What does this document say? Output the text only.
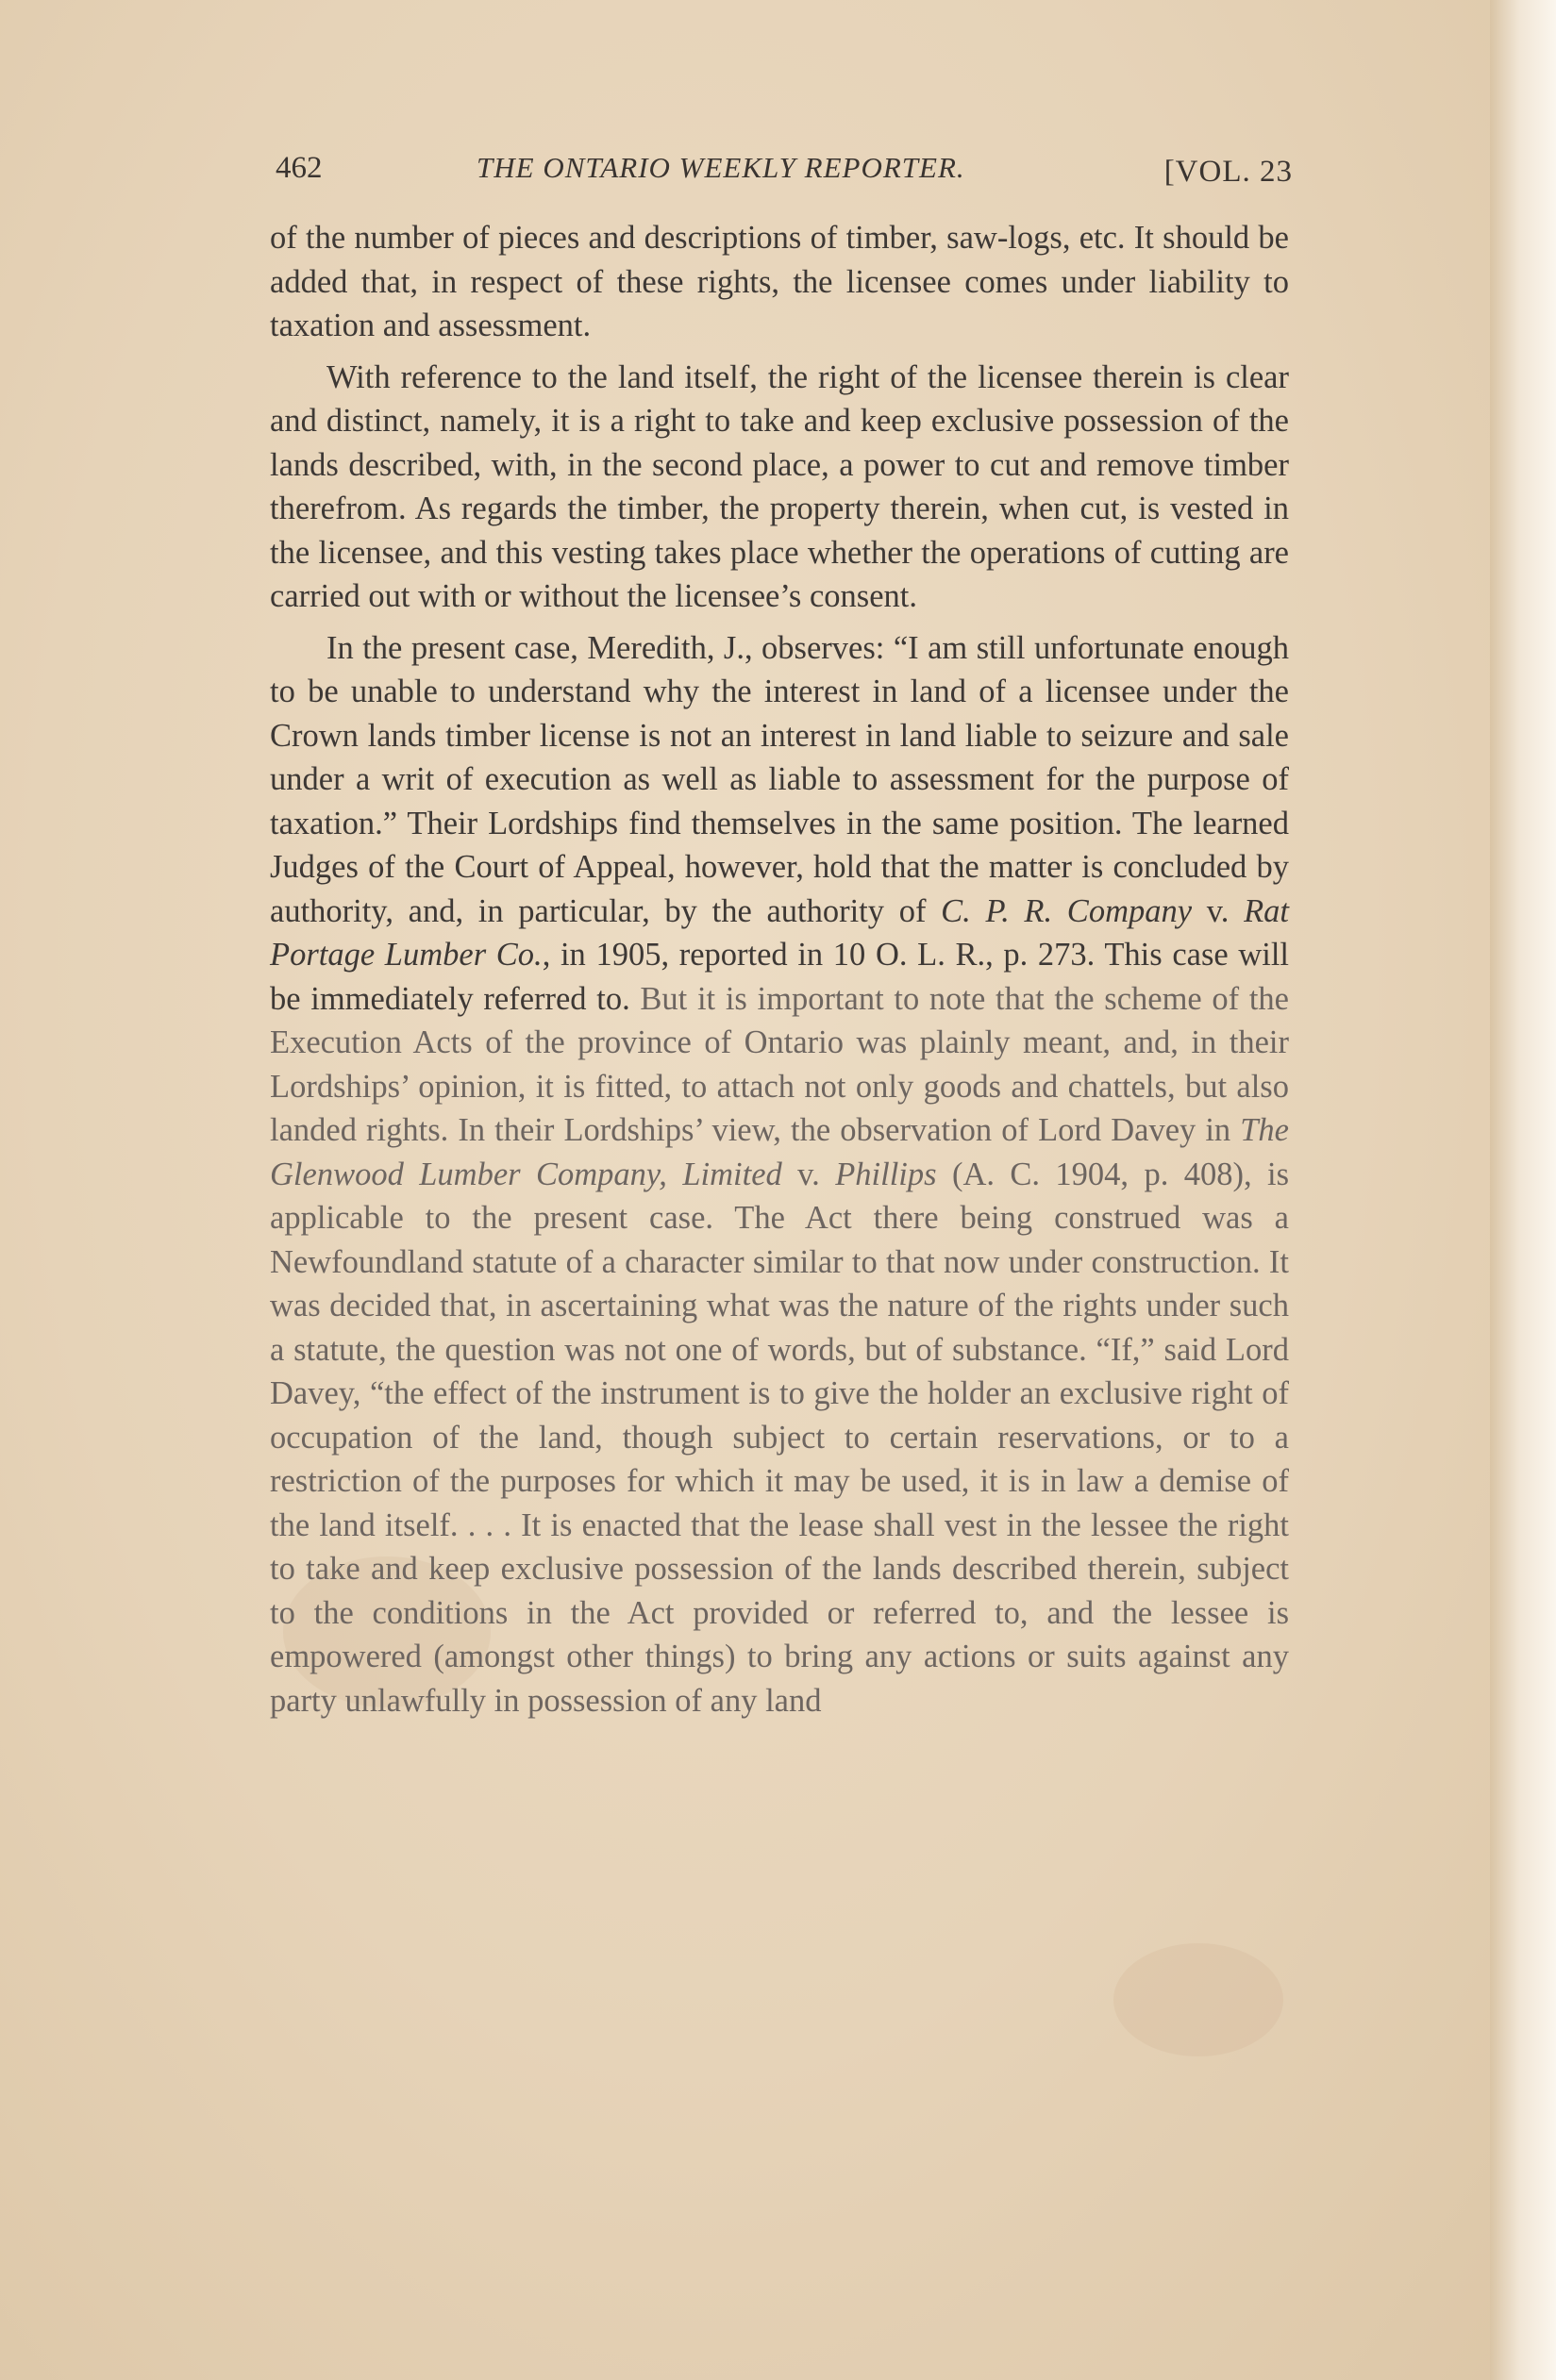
462	THE ONTARIO WEEKLY REPORTER.	[VOL. 23

of the number of pieces and descriptions of timber, saw-logs, etc. It should be added that, in respect of these rights, the licensee comes under liability to taxation and assessment.

With reference to the land itself, the right of the licensee therein is clear and distinct, namely, it is a right to take and keep exclusive possession of the lands described, with, in the second place, a power to cut and remove timber therefrom. As regards the timber, the property therein, when cut, is vested in the licensee, and this vesting takes place whether the operations of cutting are carried out with or without the licensee’s consent.

In the present case, Meredith, J., observes: “I am still unfortunate enough to be unable to understand why the interest in land of a licensee under the Crown lands timber license is not an interest in land liable to seizure and sale under a writ of execution as well as liable to assessment for the purpose of taxation.” Their Lordships find themselves in the same position. The learned Judges of the Court of Appeal, however, hold that the matter is concluded by authority, and, in particular, by the authority of C. P. R. Company v. Rat Portage Lumber Co., in 1905, reported in 10 O. L. R., p. 273. This case will be immediately referred to. But it is important to note that the scheme of the Execution Acts of the province of Ontario was plainly meant, and, in their Lordships’ opinion, it is fitted, to attach not only goods and chattels, but also landed rights. In their Lordships’ view, the observation of Lord Davey in The Glenwood Lumber Company, Limited v. Phillips (A. C. 1904, p. 408), is applicable to the present case. The Act there being construed was a Newfoundland statute of a character similar to that now under construction. It was decided that, in ascertaining what was the nature of the rights under such a statute, the question was not one of words, but of substance. “If,” said Lord Davey, “the effect of the instrument is to give the holder an exclusive right of occupation of the land, though subject to certain reservations, or to a restriction of the purposes for which it may be used, it is in law a demise of the land itself. . . . It is enacted that the lease shall vest in the lessee the right to take and keep exclusive possession of the lands described therein, subject to the conditions in the Act provided or referred to, and the lessee is empowered (amongst other things) to bring any actions or suits against any party unlawfully in possession of any land
